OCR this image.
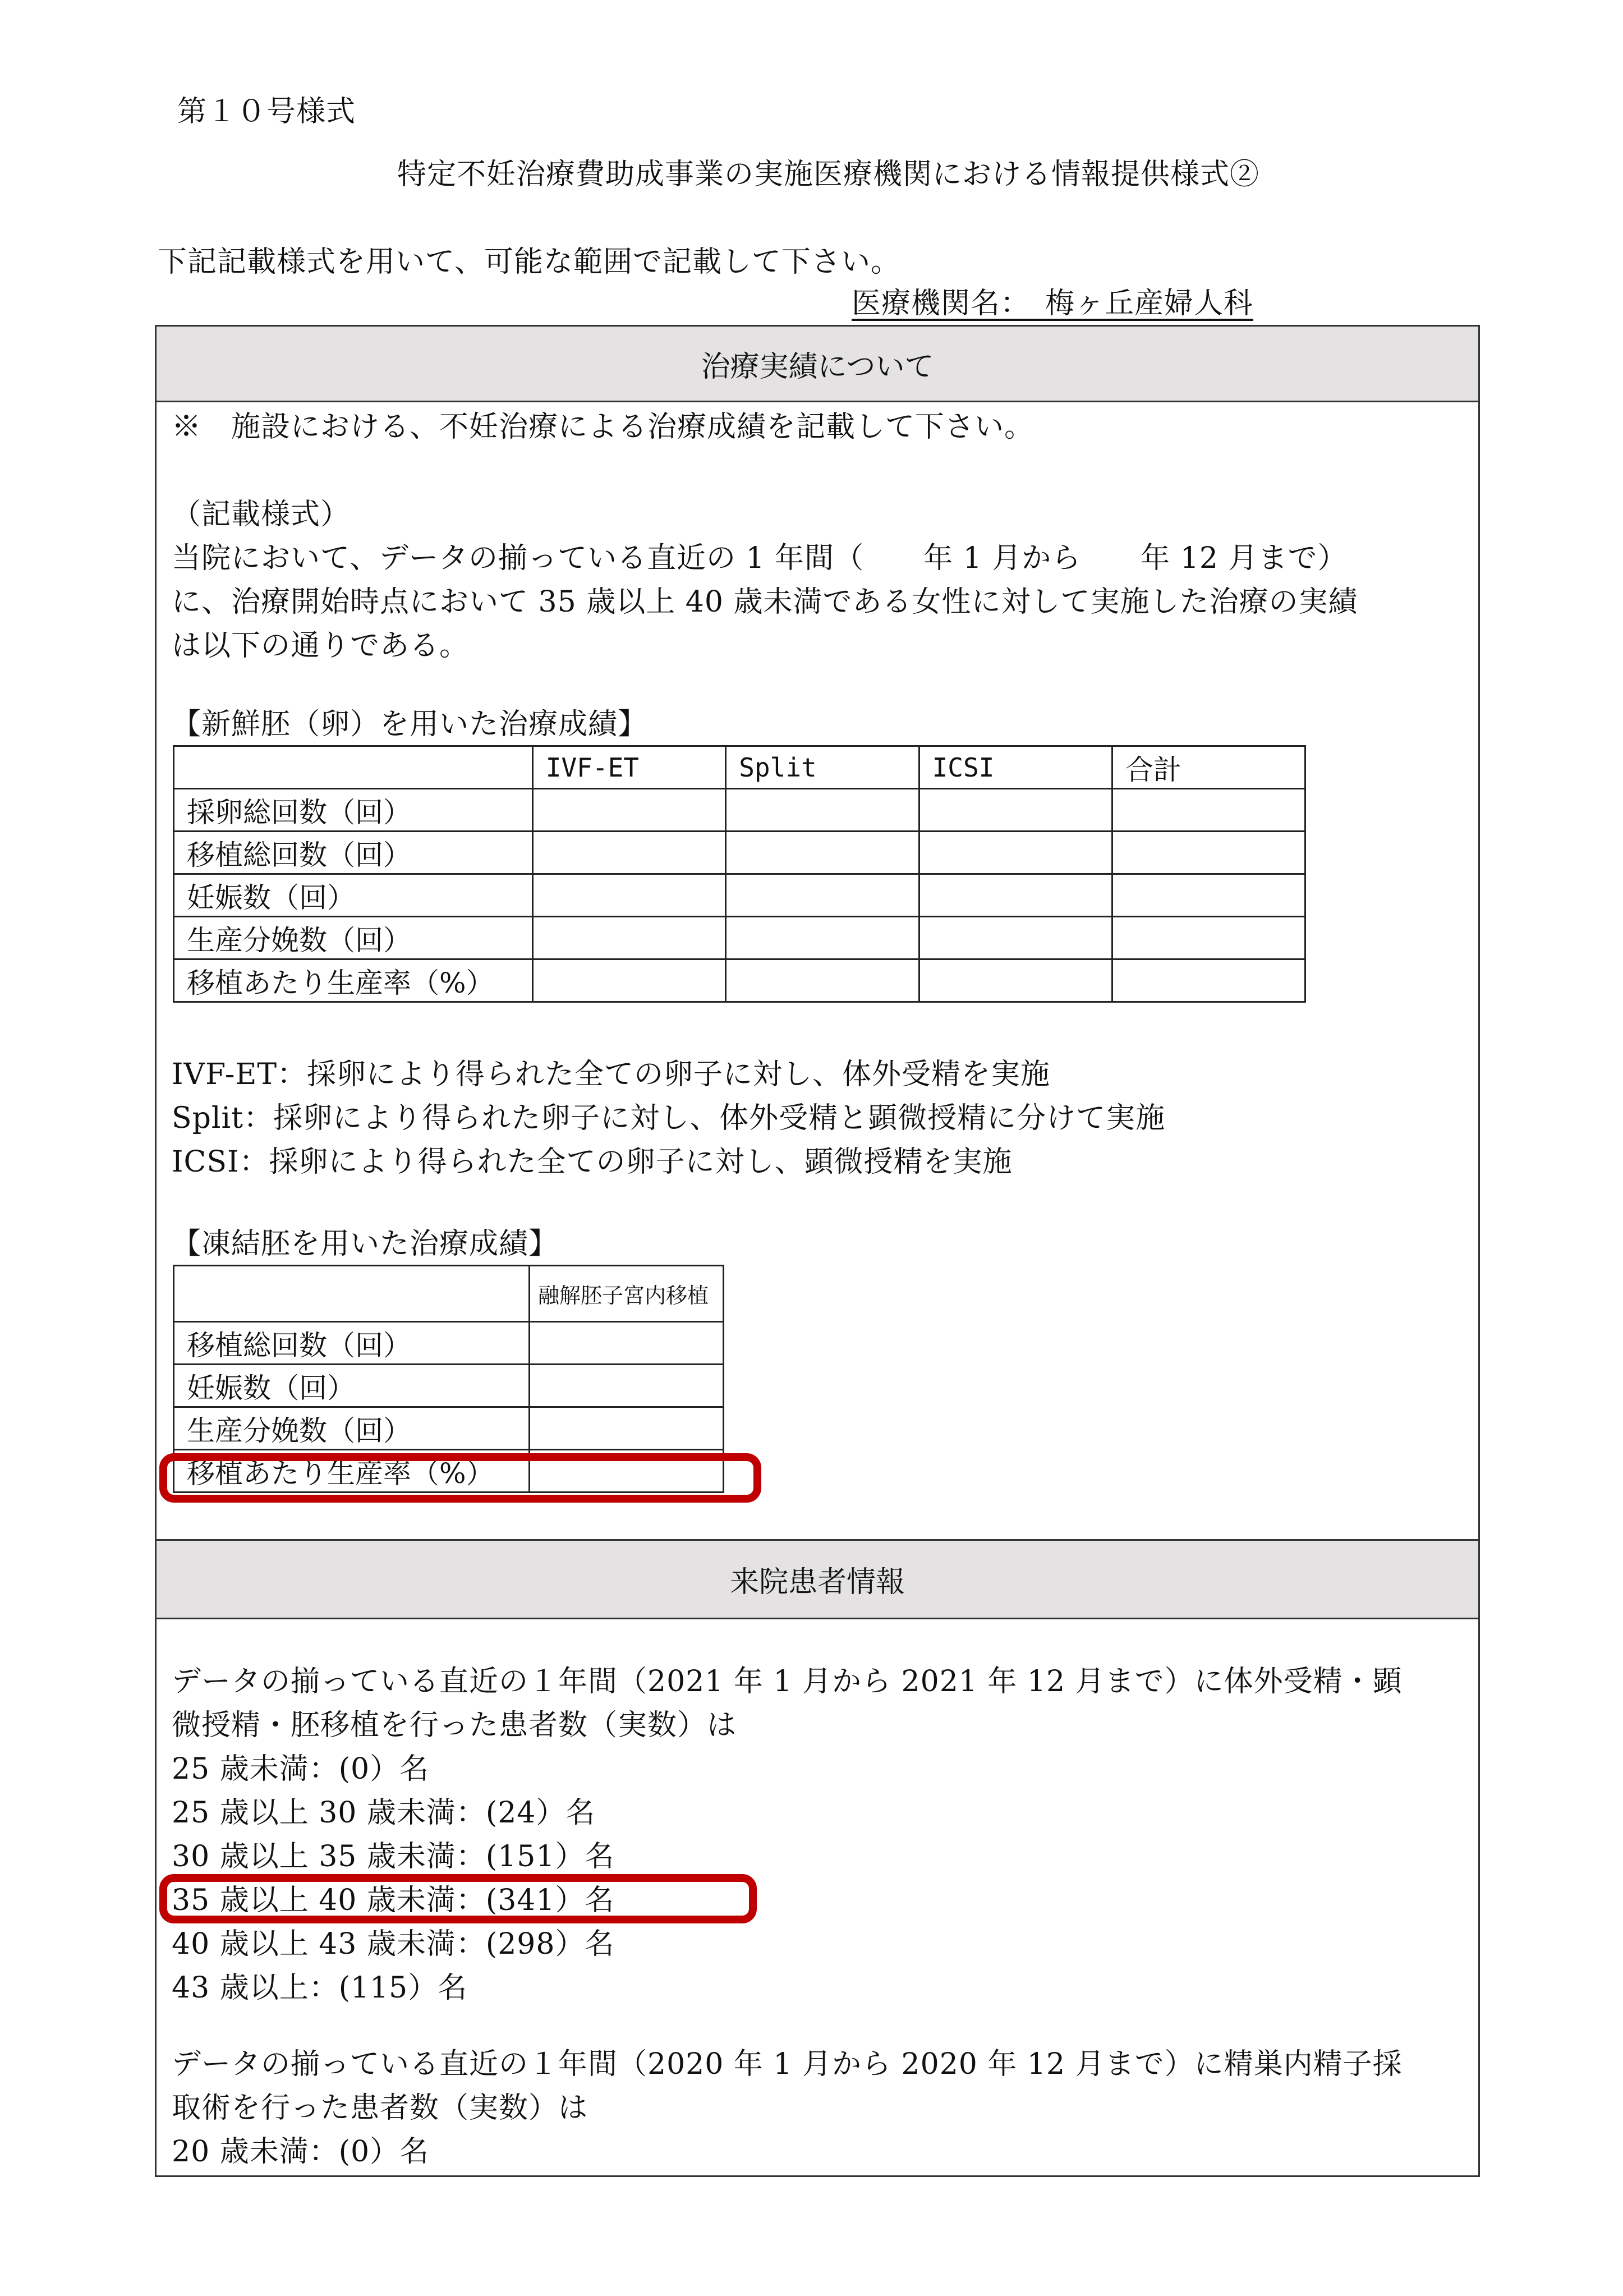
第１０号様式
特定不妊治療費助成事業の実施医療機関における情報提供様式②
下記記載様式を用いて、可能な範囲で記載して下さい。
医療機関名：　梅ヶ丘産婦人科
治療実績について
※　施設における、不妊治療による治療成績を記載して下さい。
（記載様式）
当院において、データの揃っている直近の 1 年間（　　年 1 月から　　年 12 月まで）
に、治療開始時点において 35 歳以上 40 歳未満である女性に対して実施した治療の実績
は以下の通りである。
【新鮮胚（卵）を用いた治療成績】
	IVF-ET	Split	ICSI	合計
採卵総回数（回）				
移植総回数（回）				
妊娠数（回）				
生産分娩数（回）				
移植あたり生産率（%）				
IVF-ET：採卵により得られた全ての卵子に対し、体外受精を実施
Split：採卵により得られた卵子に対し、体外受精と顕微授精に分けて実施
ICSI：採卵により得られた全ての卵子に対し、顕微授精を実施
【凍結胚を用いた治療成績】
	融解胚子宮内移植
移植総回数（回）	
妊娠数（回）	
生産分娩数（回）	
移植あたり生産率（%）	
来院患者情報
データの揃っている直近の１年間（2021 年 1 月から 2021 年 12 月まで）に体外受精・顕
微授精・胚移植を行った患者数（実数）は
25 歳未満：(0）名
25 歳以上 30 歳未満：(24）名
30 歳以上 35 歳未満：(151）名
35 歳以上 40 歳未満：(341）名
40 歳以上 43 歳未満：(298）名
43 歳以上：(115）名
データの揃っている直近の１年間（2020 年 1 月から 2020 年 12 月まで）に精巣内精子採
取術を行った患者数（実数）は
20 歳未満：(0）名
